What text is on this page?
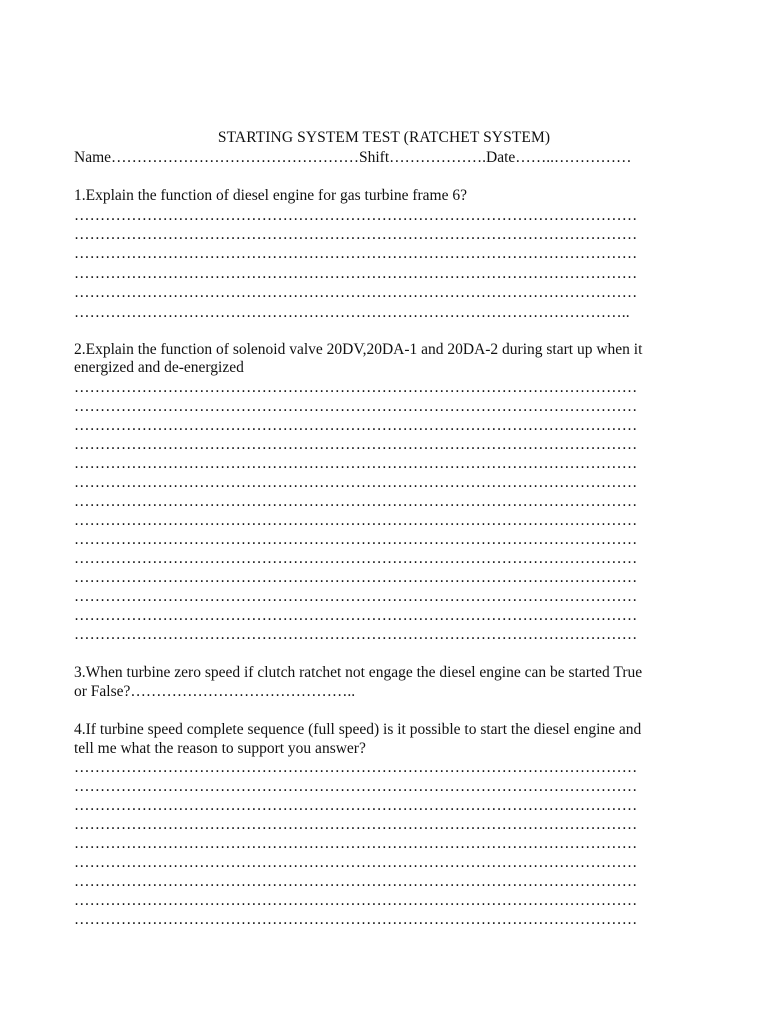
STARTING SYSTEM TEST (RATCHET SYSTEM)
Name…………………………………………Shift……………….Date……..……………
1.Explain the function of diesel engine for gas turbine frame 6?
………………………………………………………………………………………………
………………………………………………………………………………………………
………………………………………………………………………………………………
………………………………………………………………………………………………
………………………………………………………………………………………………
……………………………………………………………………………………………..
2.Explain the function of solenoid valve 20DV,20DA-1 and 20DA-2 during start up when it
energized and de-energized
………………………………………………………………………………………………
………………………………………………………………………………………………
………………………………………………………………………………………………
………………………………………………………………………………………………
………………………………………………………………………………………………
………………………………………………………………………………………………
………………………………………………………………………………………………
………………………………………………………………………………………………
………………………………………………………………………………………………
………………………………………………………………………………………………
………………………………………………………………………………………………
………………………………………………………………………………………………
………………………………………………………………………………………………
………………………………………………………………………………………………
3.When turbine zero speed if clutch ratchet not engage the diesel engine can be started True
or False?……………………………………..
4.If turbine speed complete sequence (full speed) is it possible to start the diesel engine and
tell me what the reason to support you answer?
………………………………………………………………………………………………
………………………………………………………………………………………………
………………………………………………………………………………………………
………………………………………………………………………………………………
………………………………………………………………………………………………
………………………………………………………………………………………………
………………………………………………………………………………………………
………………………………………………………………………………………………
………………………………………………………………………………………………
